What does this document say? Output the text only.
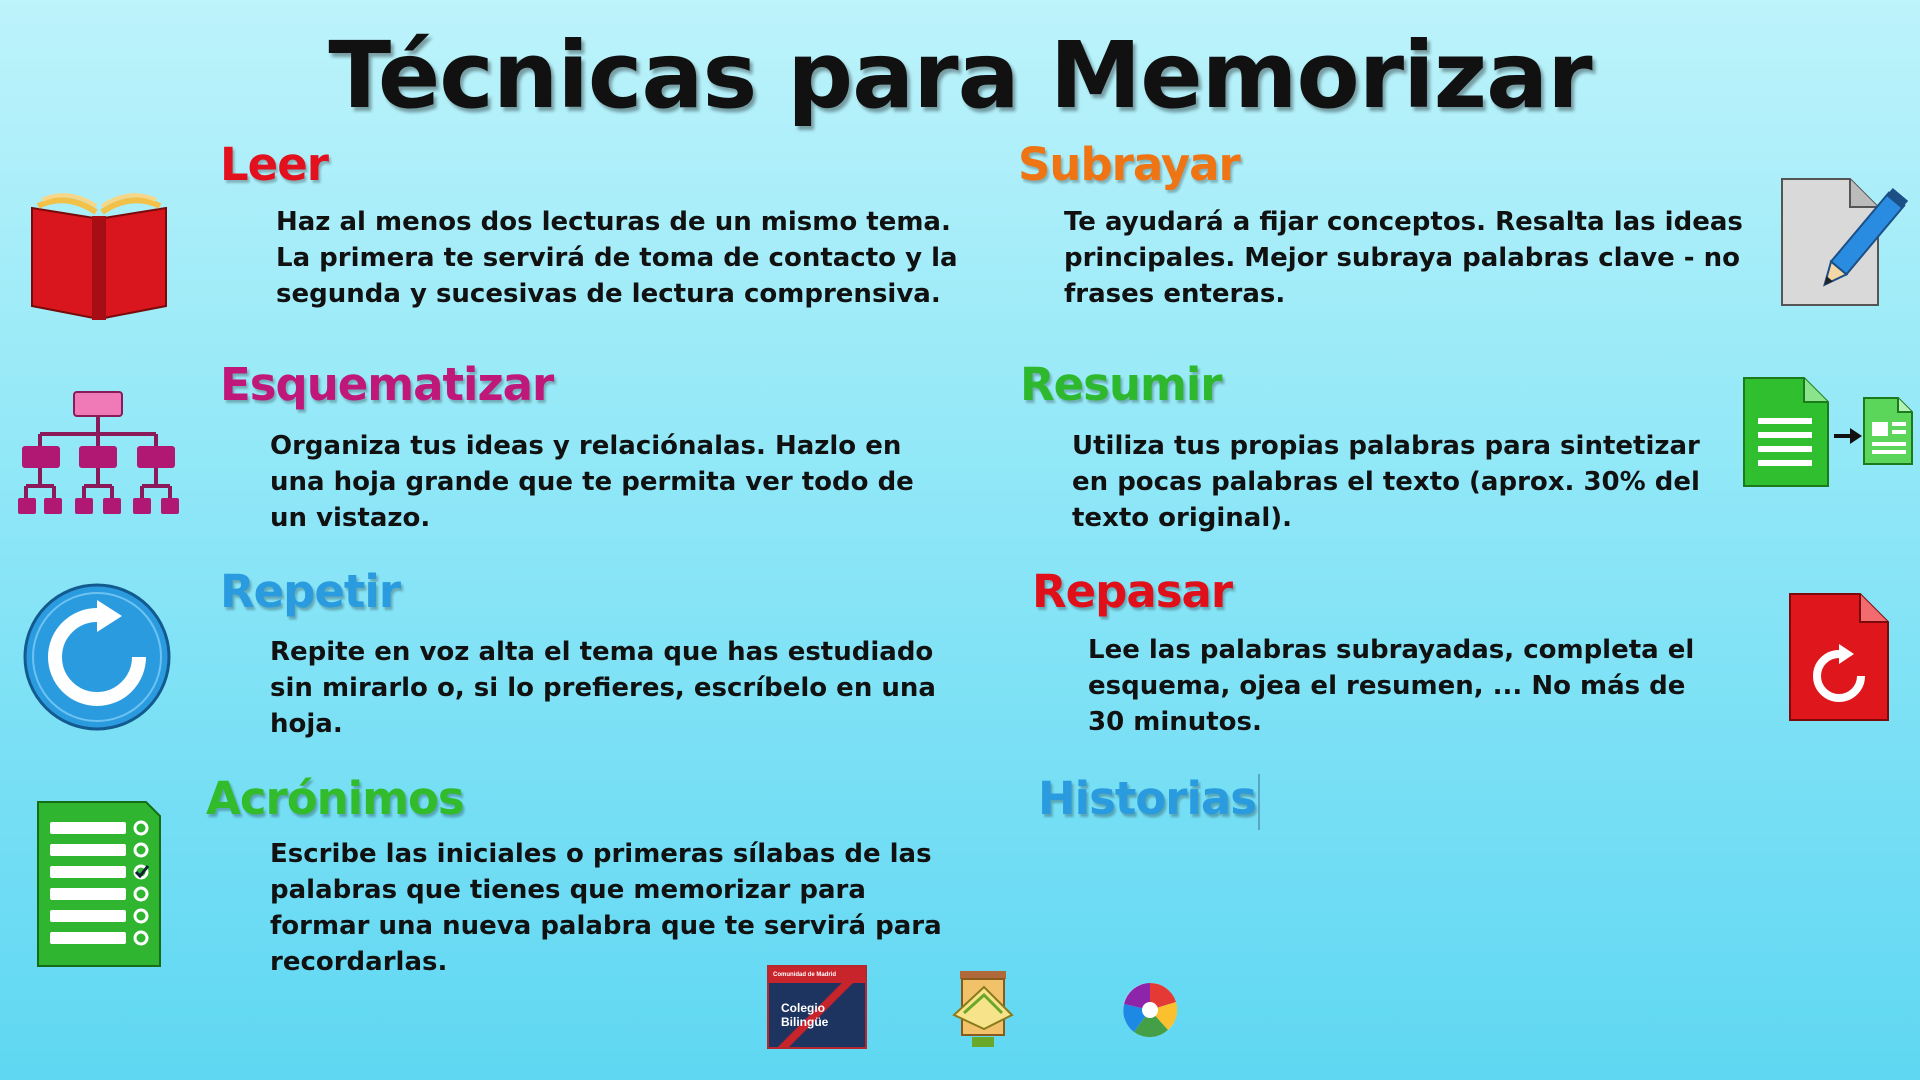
Técnicas para Memorizar
Leer
Haz al menos dos lecturas de un mismo tema. La primera te servirá de toma de contacto y la segunda y sucesivas de lectura comprensiva.
Subrayar
Te ayudará a fijar conceptos. Resalta las ideas principales. Mejor subraya palabras clave - no frases enteras.
Esquematizar
Organiza tus ideas y relaciónalas. Hazlo en una hoja grande que te permita ver todo de un vistazo.
Resumir
Utiliza tus propias palabras para sintetizar en pocas palabras el texto (aprox. 30% del texto original).
Repetir
Repite en voz alta el tema que has estudiado sin mirarlo o, si lo prefieres, escríbelo en una hoja.
Repasar
Lee las palabras subrayadas, completa el esquema, ojea el resumen, ... No más de 30 minutos.
Acrónimos
Escribe las iniciales o primeras sílabas de las palabras que tienes que memorizar para formar una nueva palabra que te servirá para recordarlas.
Historias
Comunidad de Madrid
Colegio
Bilingüe
